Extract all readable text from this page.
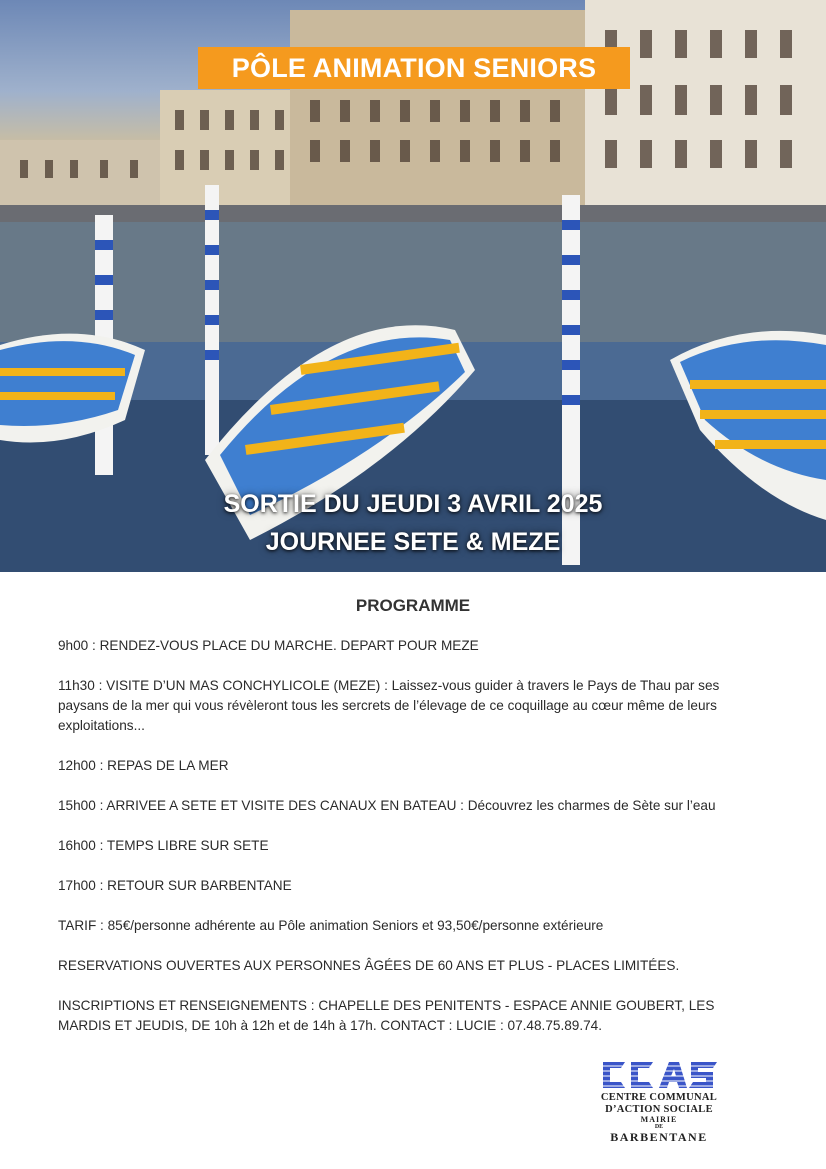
PÔLE ANIMATION SENIORS
SORTIE DU JEUDI 3 AVRIL 2025
JOURNEE SETE & MEZE
PROGRAMME
9h00 : RENDEZ-VOUS PLACE DU MARCHE. DEPART POUR MEZE
11h30 : VISITE D’UN MAS CONCHYLICOLE (MEZE) : Laissez-vous guider à travers le Pays de Thau par ses paysans de la mer qui vous révèleront tous les sercrets de l’élevage de ce coquillage au cœur même de leurs exploitations...
12h00 : REPAS DE LA MER
15h00 : ARRIVEE A SETE ET VISITE DES CANAUX EN BATEAU : Découvrez les charmes de Sète sur l’eau
16h00 : TEMPS LIBRE SUR SETE
17h00 : RETOUR SUR BARBENTANE
TARIF : 85€/personne adhérente au Pôle animation Seniors et 93,50€/personne extérieure
RESERVATIONS OUVERTES AUX PERSONNES ÂGÉES DE 60 ANS ET PLUS - PLACES LIMITÉES.
INSCRIPTIONS ET RENSEIGNEMENTS : CHAPELLE DES PENITENTS - ESPACE ANNIE GOUBERT, LES MARDIS ET JEUDIS, DE 10h à 12h et de 14h à 17h. CONTACT : LUCIE : 07.48.75.89.74.
CENTRE COMMUNAL
D’ACTION SOCIALE
MAIRIE
DE
BARBENTANE
